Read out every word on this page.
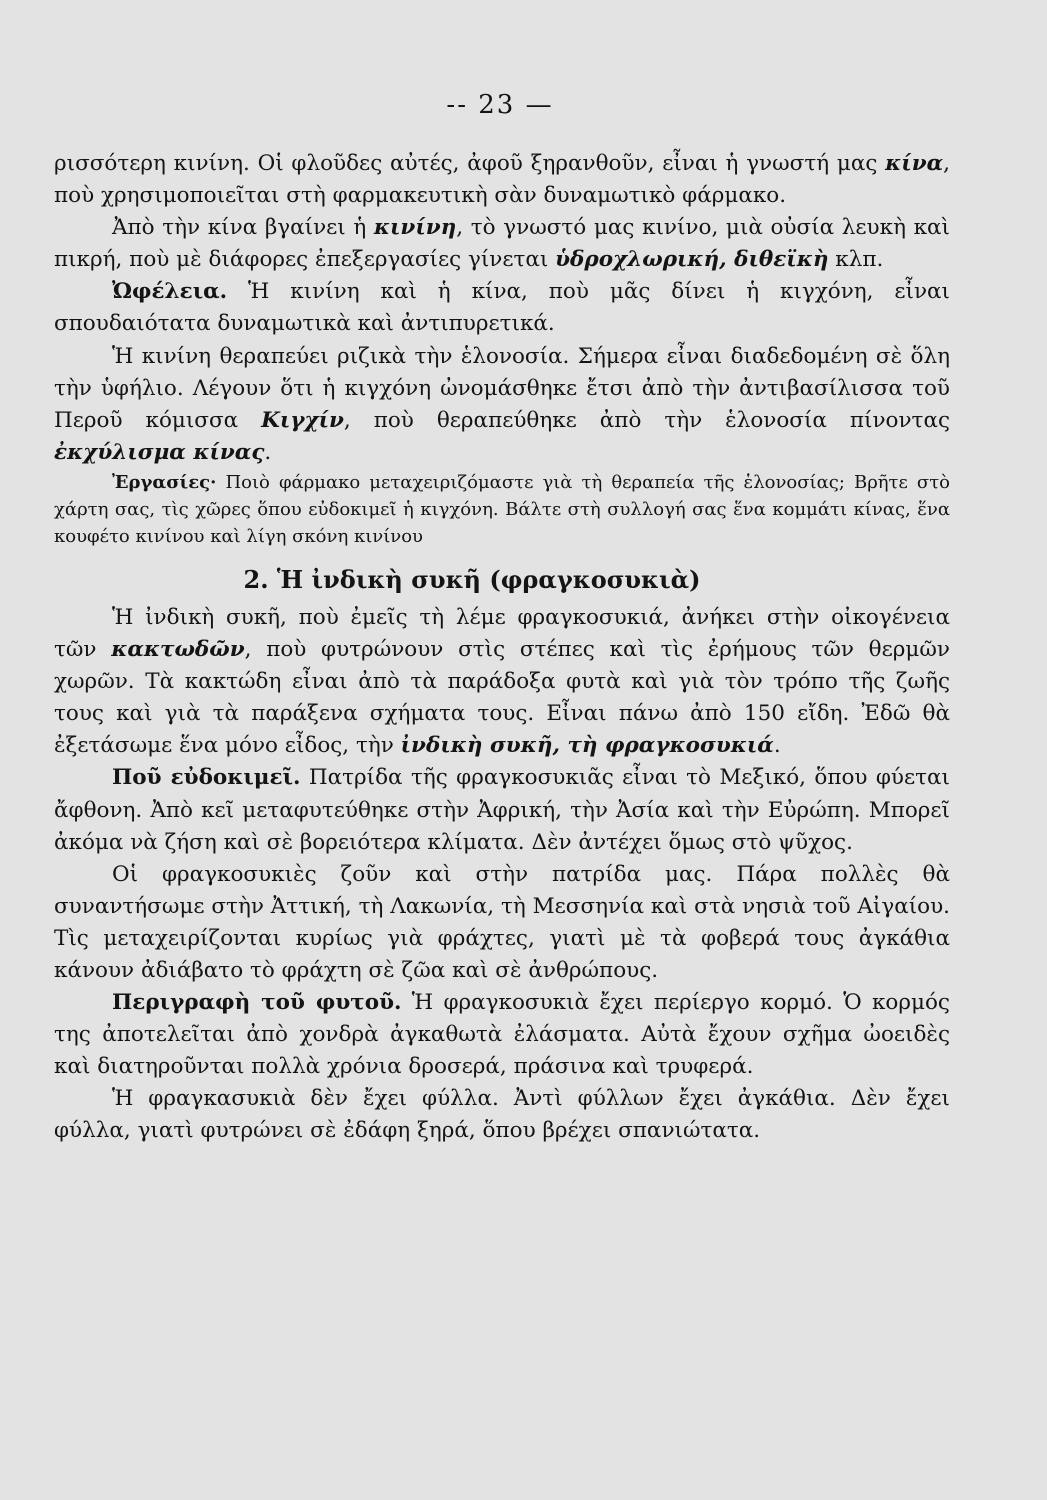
-- 23 —

ρισσότερη κινίνη. Οἱ φλοῦδες αὐτές, ἀφοῦ ξηρανθοῦν, εἶναι ἡ γνωστή μας κίνα, ποὺ χρησιμοποιεῖται στὴ φαρμακευτικὴ σὰν δυναμωτικὸ φάρμακο.

Ἀπὸ τὴν κίνα βγαίνει ἡ κινίνη, τὸ γνωστό μας κινίνο, μιὰ οὐσία λευκὴ καὶ πικρή, ποὺ μὲ διάφορες ἐπεξεργασίες γίνεται ὑδροχλωρική, διθεϊκὴ κλπ.

Ὠφέλεια. Ἡ κινίνη καὶ ἡ κίνα, ποὺ μᾶς δίνει ἡ κιγχόνη, εἶναι σπουδαιότατα δυναμωτικὰ καὶ ἀντιπυρετικά.

Ἡ κινίνη θεραπεύει ριζικὰ τὴν ἑλονοσία. Σήμερα εἶναι διαδεδομένη σὲ ὅλη τὴν ὑφήλιο. Λέγουν ὅτι ἡ κιγχόνη ὠνομάσθηκε ἔτσι ἀπὸ τὴν ἀντιβασίλισσα τοῦ Περοῦ κόμισσα Κιγχίν, ποὺ θεραπεύθηκε ἀπὸ τὴν ἑλονοσία πίνοντας ἐκχύλισμα κίνας.

Ἐργασίες· Ποιὸ φάρμακο μεταχειριζόμαστε γιὰ τὴ θεραπεία τῆς ἑλονοσίας; Βρῆτε στὸ χάρτη σας, τὶς χῶρες ὅπου εὐδοκιμεῖ ἡ κιγχόνη. Βάλτε στὴ συλλογή σας ἕνα κομμάτι κίνας, ἕνα κουφέτο κινίνου καὶ λίγη σκόνη κινίνου

2. Ἡ ἰνδικὴ συκῆ (φραγκοσυκιὰ)

Ἡ ἰνδικὴ συκῆ, ποὺ ἐμεῖς τὴ λέμε φραγκοσυκιά, ἀνήκει στὴν οἰκογένεια τῶν κακτωδῶν, ποὺ φυτρώνουν στὶς στέπες καὶ τὶς ἐρήμους τῶν θερμῶν χωρῶν. Τὰ κακτώδη εἶναι ἀπὸ τὰ παράδοξα φυτὰ καὶ γιὰ τὸν τρόπο τῆς ζωῆς τους καὶ γιὰ τὰ παράξενα σχήματα τους. Εἶναι πάνω ἀπὸ 150 εἴδη. Ἐδῶ θὰ ἐξετάσωμε ἕνα μόνο εἶδος, τὴν ἰνδικὴ συκῆ, τὴ φραγκοσυκιά.

Ποῦ εὐδοκιμεῖ. Πατρίδα τῆς φραγκοσυκιᾶς εἶναι τὸ Μεξικό, ὅπου φύεται ἄφθονη. Ἀπὸ κεῖ μεταφυτεύθηκε στὴν Ἀφρική, τὴν Ἀσία καὶ τὴν Εὐρώπη. Μπορεῖ ἀκόμα νὰ ζήση καὶ σὲ βορειότερα κλίματα. Δὲν ἀντέχει ὅμως στὸ ψῦχος.

Οἱ φραγκοσυκιὲς ζοῦν καὶ στὴν πατρίδα μας. Πάρα πολλὲς θὰ συναντήσωμε στὴν Ἀττική, τὴ Λακωνία, τὴ Μεσσηνία καὶ στὰ νησιὰ τοῦ Αἰγαίου. Τὶς μεταχειρίζονται κυρίως γιὰ φράχτες, γιατὶ μὲ τὰ φοβερά τους ἀγκάθια κάνουν ἀδιάβατο τὸ φράχτη σὲ ζῶα καὶ σὲ ἀνθρώπους.

Περιγραφὴ τοῦ φυτοῦ. Ἡ φραγκοσυκιὰ ἔχει περίεργο κορμό. Ὁ κορμός της ἀποτελεῖται ἀπὸ χονδρὰ ἀγκαθωτὰ ἐλάσματα. Αὐτὰ ἔχουν σχῆμα ὠοειδὲς καὶ διατηροῦνται πολλὰ χρόνια δροσερά, πράσινα καὶ τρυφερά.

Ἡ φραγκασυκιὰ δὲν ἔχει φύλλα. Ἀντὶ φύλλων ἔχει ἀγκάθια. Δὲν ἔχει φύλλα, γιατὶ φυτρώνει σὲ ἐδάφη ξηρά, ὅπου βρέχει σπανιώτατα.
